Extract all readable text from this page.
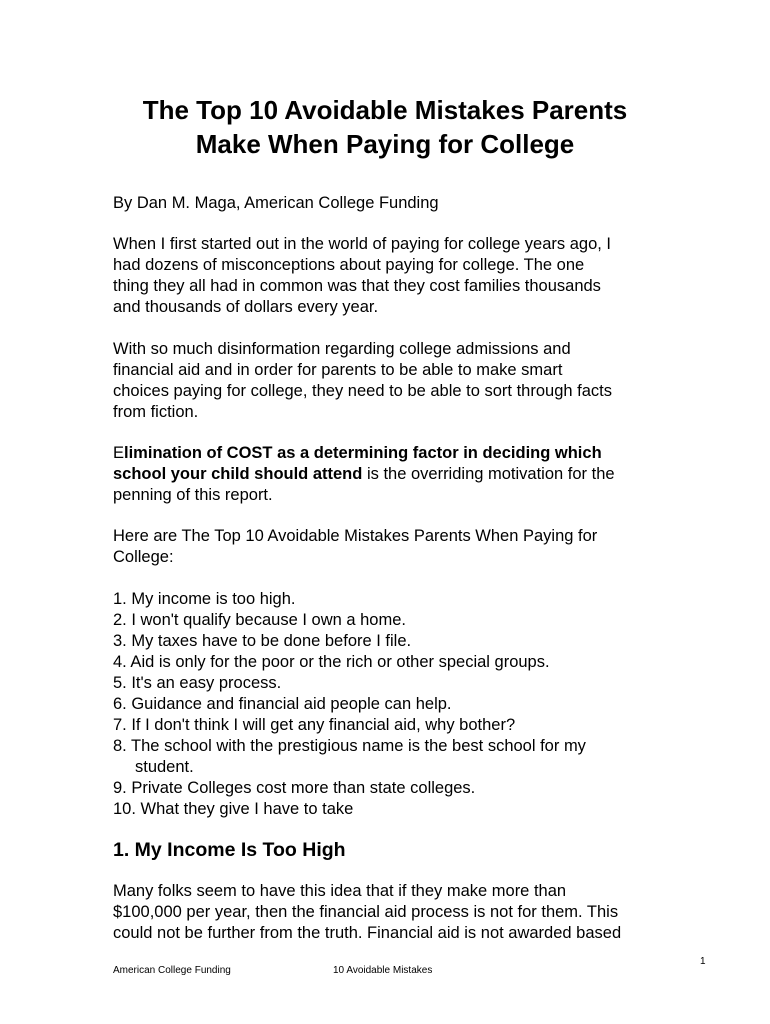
The Top 10 Avoidable Mistakes Parents
Make When Paying for College

By Dan M. Maga, American College Funding

When I first started out in the world of paying for college years ago, I
had dozens of misconceptions about paying for college. The one
thing they all had in common was that they cost families thousands
and thousands of dollars every year.

With so much disinformation regarding college admissions and
financial aid and in order for parents to be able to make smart
choices paying for college, they need to be able to sort through facts
from fiction.

Elimination of COST as a determining factor in deciding which
school your child should attend is the overriding motivation for the
penning of this report.

Here are The Top 10 Avoidable Mistakes Parents When Paying for
College:

1. My income is too high.
2. I won't qualify because I own a home.
3. My taxes have to be done before I file.
4. Aid is only for the poor or the rich or other special groups.
5. It's an easy process.
6. Guidance and financial aid people can help.
7. If I don't think I will get any financial aid, why bother?
8. The school with the prestigious name is the best school for my
student.
9. Private Colleges cost more than state colleges.
10. What they give I have to take
1. My Income Is Too High

Many folks seem to have this idea that if they make more than
$100,000 per year, then the financial aid process is not for them. This
could not be further from the truth. Financial aid is not awarded based

1
American College Funding	10 Avoidable Mistakes
